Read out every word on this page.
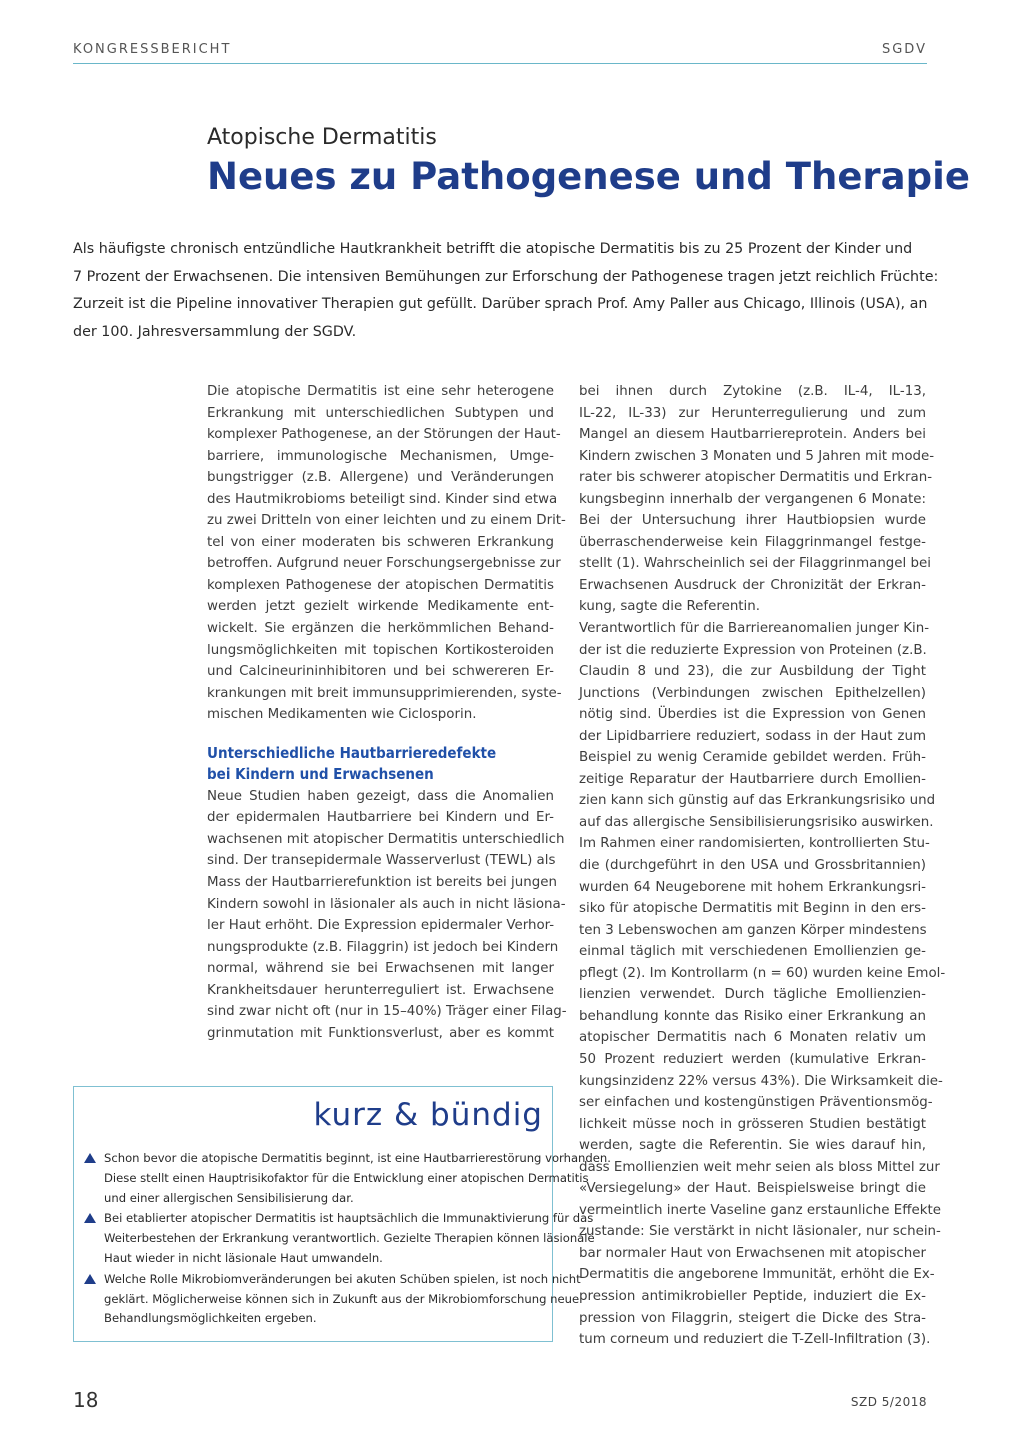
KONGRESSBERICHT	SGDV
Atopische Dermatitis
Neues zu Pathogenese und Therapie
Als häufigste chronisch entzündliche Hautkrankheit betrifft die atopische Dermatitis bis zu 25 Prozent der Kinder und
7 Prozent der Erwachsenen. Die intensiven Bemühungen zur Erforschung der Pathogenese tragen jetzt reichlich Früchte:
Zurzeit ist die Pipeline innovativer Therapien gut gefüllt. Darüber sprach Prof. Amy Paller aus Chicago, Illinois (USA), an
der 100. Jahresversammlung der SGDV.
Die atopische Dermatitis ist eine sehr heterogene
Erkrankung mit unterschiedlichen Subtypen und
komplexer Pathogenese, an der Störungen der Haut-
barriere, immunologische Mechanismen, Umge-
bungstrigger (z.B. Allergene) und Veränderungen
des Hautmikrobioms beteiligt sind. Kinder sind etwa
zu zwei Dritteln von einer leichten und zu einem Drit-
tel von einer moderaten bis schweren Erkrankung
betroffen. Aufgrund neuer Forschungsergebnisse zur
komplexen Pathogenese der atopischen Dermatitis
werden jetzt gezielt wirkende Medikamente ent-
wickelt. Sie ergänzen die herkömmlichen Behand-
lungsmöglichkeiten mit topischen Kortikosteroiden
und Calcineurininhibitoren und bei schwereren Er-
krankungen mit breit immunsupprimierenden, syste-
mischen Medikamenten wie Ciclosporin.
Unterschiedliche Hautbarrieredefekte
bei Kindern und Erwachsenen
Neue Studien haben gezeigt, dass die Anomalien
der epidermalen Hautbarriere bei Kindern und Er-
wachsenen mit atopischer Dermatitis unterschiedlich
sind. Der transepidermale Wasserverlust (TEWL) als
Mass der Hautbarrierefunktion ist bereits bei jungen
Kindern sowohl in läsionaler als auch in nicht läsiona-
ler Haut erhöht. Die Expression epidermaler Verhor-
nungsprodukte (z.B. Filaggrin) ist jedoch bei Kindern
normal, während sie bei Erwachsenen mit langer
Krankheitsdauer herunterreguliert ist. Erwachsene
sind zwar nicht oft (nur in 15–40%) Träger einer Filag-
grinmutation mit Funktionsverlust, aber es kommt
bei ihnen durch Zytokine (z.B. IL-4, IL-13,
IL-22, IL-33) zur Herunterregulierung und zum
Mangel an diesem Hautbarriereprotein. Anders bei
Kindern zwischen 3 Monaten und 5 Jahren mit mode-
rater bis schwerer atopischer Dermatitis und Erkran-
kungsbeginn innerhalb der vergangenen 6 Monate:
Bei der Untersuchung ihrer Hautbiopsien wurde
überraschenderweise kein Filaggrinmangel festge-
stellt (1). Wahrscheinlich sei der Filaggrinmangel bei
Erwachsenen Ausdruck der Chronizität der Erkran-
kung, sagte die Referentin.
Verantwortlich für die Barriereanomalien junger Kin-
der ist die reduzierte Expression von Proteinen (z.B.
Claudin 8 und 23), die zur Ausbildung der Tight
Junctions (Verbindungen zwischen Epithelzellen)
nötig sind. Überdies ist die Expression von Genen
der Lipidbarriere reduziert, sodass in der Haut zum
Beispiel zu wenig Ceramide gebildet werden. Früh-
zeitige Reparatur der Hautbarriere durch Emollien-
zien kann sich günstig auf das Erkrankungsrisiko und
auf das allergische Sensibilisierungsrisiko auswirken.
Im Rahmen einer randomisierten, kontrollierten Stu-
die (durchgeführt in den USA und Grossbritannien)
wurden 64 Neugeborene mit hohem Erkrankungsri-
siko für atopische Dermatitis mit Beginn in den ers-
ten 3 Lebenswochen am ganzen Körper mindestens
einmal täglich mit verschiedenen Emollienzien ge-
pflegt (2). Im Kontrollarm (n = 60) wurden keine Emol-
lienzien verwendet. Durch tägliche Emollienzien-
behandlung konnte das Risiko einer Erkrankung an
atopischer Dermatitis nach 6 Monaten relativ um
50 Prozent reduziert werden (kumulative Erkran-
kungsinzidenz 22% versus 43%). Die Wirksamkeit die-
ser einfachen und kostengünstigen Präventionsmög-
lichkeit müsse noch in grösseren Studien bestätigt
werden, sagte die Referentin. Sie wies darauf hin,
dass Emollienzien weit mehr seien als bloss Mittel zur
«Versiegelung» der Haut. Beispielsweise bringt die
vermeintlich inerte Vaseline ganz erstaunliche Effekte
zustande: Sie verstärkt in nicht läsionaler, nur schein-
bar normaler Haut von Erwachsenen mit atopischer
Dermatitis die angeborene Immunität, erhöht die Ex-
pression antimikrobieller Peptide, induziert die Ex-
pression von Filaggrin, steigert die Dicke des Stra-
tum corneum und reduziert die T-Zell-Infiltration (3).
kurz & bündig
Schon bevor die atopische Dermatitis beginnt, ist eine Hautbarrierestörung vorhanden.
Diese stellt einen Hauptrisikofaktor für die Entwicklung einer atopischen Dermatitis
und einer allergischen Sensibilisierung dar.
Bei etablierter atopischer Dermatitis ist hauptsächlich die Immunaktivierung für das
Weiterbestehen der Erkrankung verantwortlich. Gezielte Therapien können läsionale
Haut wieder in nicht läsionale Haut umwandeln.
Welche Rolle Mikrobiomveränderungen bei akuten Schüben spielen, ist noch nicht
geklärt. Möglicherweise können sich in Zukunft aus der Mikrobiomforschung neue
Behandlungsmöglichkeiten ergeben.
18	SZD 5/2018
